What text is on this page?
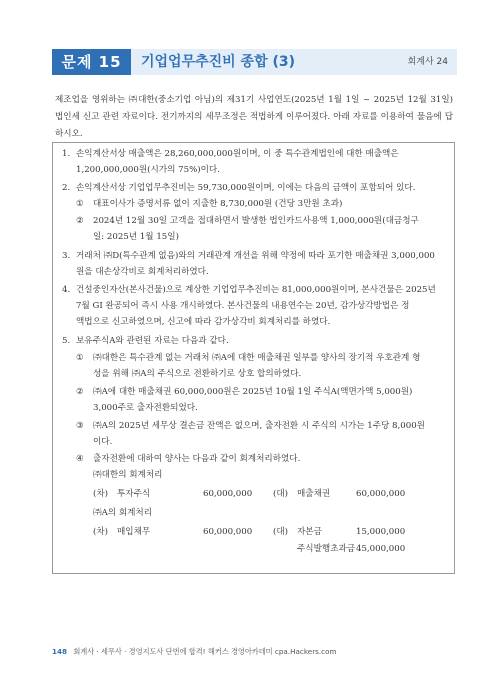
문제 15	기업업무추진비 종합 (3)	회계사 24
제조업을 영위하는 ㈜대한(중소기업 아님)의 제31기 사업연도(2025년 1월 1일 ~ 2025년 12월 31일) 법인세 신고 관련 자료이다. 전기까지의 세무조정은 적법하게 이루어졌다. 아래 자료를 이용하여 물음에 답하시오.
1. 손익계산서상 매출액은 28,260,000,000원이며, 이 중 특수관계법인에 대한 매출액은
1,200,000,000원(시가의 75%)이다.
2. 손익계산서상 기업업무추진비는 59,730,000원이며, 이에는 다음의 금액이 포함되어 있다.
① 대표이사가 증명서류 없이 지출한 8,730,000원 (건당 3만원 초과)
② 2024년 12월 30일 고객을 접대하면서 발생한 법인카드사용액 1,000,000원(대금청구
일: 2025년 1월 15일)
3. 거래처 ㈜D(특수관계 없음)와의 거래관계 개선을 위해 약정에 따라 포기한 매출채권 3,000,000
원을 대손상각비로 회계처리하였다.
4. 건설중인자산(본사건물)으로 계상한 기업업무추진비는 81,000,000원이며, 본사건물은 2025년
7월 GI 완공되어 즉시 사용 개시하였다. 본사건물의 내용연수는 20년, 감가상각방법은 정
액법으로 신고하였으며, 신고에 따라 감가상각비 회계처리를 하였다.
5. 보유주식A와 관련된 자료는 다음과 같다.
① ㈜대한은 특수관계 없는 거래처 ㈜A에 대한 매출채권 일부를 양사의 장기적 우호관계 형
성을 위해 ㈜A의 주식으로 전환하기로 상호 합의하였다.
② ㈜A에 대한 매출채권 60,000,000원은 2025년 10월 1일 주식A(액면가액 5,000원)
3,000주로 출자전환되었다.
③ ㈜A의 2025년 세무상 결손금 잔액은 없으며, 출자전환 시 주식의 시가는 1주당 8,000원
이다.
④ 출자전환에 대하여 양사는 다음과 같이 회계처리하였다.
㈜대한의 회계처리
(차) 투자주식	60,000,000 (대) 매출채권	60,000,000
㈜A의 회계처리
(차) 매입채무	60,000,000 (대) 자본금	15,000,000
주식발행초과금 45,000,000
148 회계사 · 세무사 · 경영지도사 단번에 합격! 해커스 경영아카데미 cpa.Hackers.com
